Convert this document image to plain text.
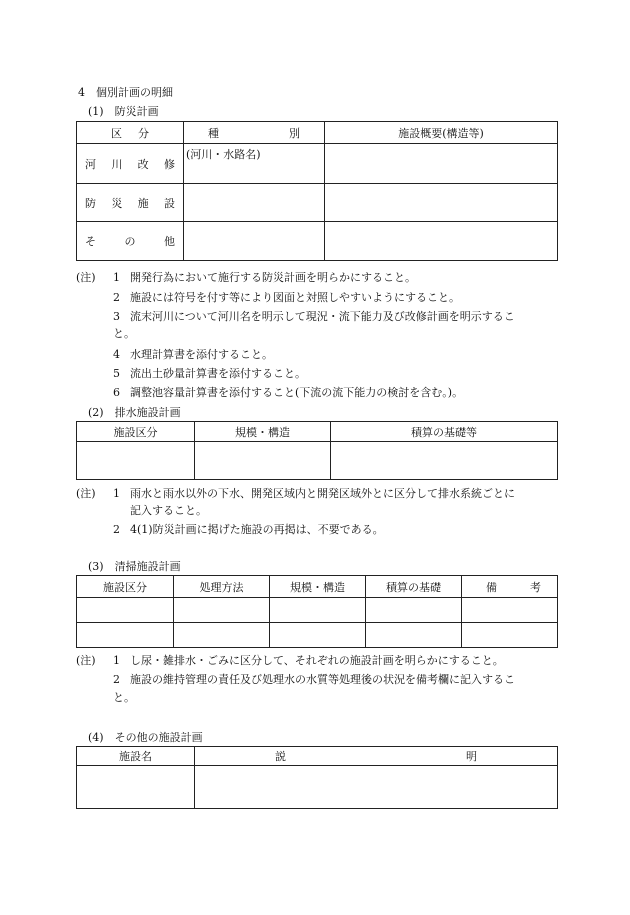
4　個別計画の明細
(1)　防災計画
区 分	種 別	施設概要(構造等)

河 川 改 修	(河川・水路名)	

防 災 施 設		

そ の 他		

(注) 1 開発行為において施行する防災計画を明らかにすること。
2 施設には符号を付す等により図面と対照しやすいようにすること。
3 流末河川について河川名を明示して現況・流下能力及び改修計画を明示するこ
と。
4 水理計算書を添付すること。
5 流出土砂量計算書を添付すること。
6 調整池容量計算書を添付すること(下流の流下能力の検討を含む。)。
(2)　排水施設計画
施設区分	規模・構造	積算の基礎等

(注) 1 雨水と雨水以外の下水、開発区域内と開発区域外とに区分して排水系統ごとに
記入すること。
2 4(1)防災計画に掲げた施設の再掲は、不要である。
(3)　清掃施設計画
施設区分	処理方法	規模・構造	積算の基礎	備 考

(注) 1 し尿・雑排水・ごみに区分して、それぞれの施設計画を明らかにすること。
2 施設の維持管理の責任及び処理水の水質等処理後の状況を備考欄に記入するこ
と。
(4)　その他の施設計画
施設名	説 明
